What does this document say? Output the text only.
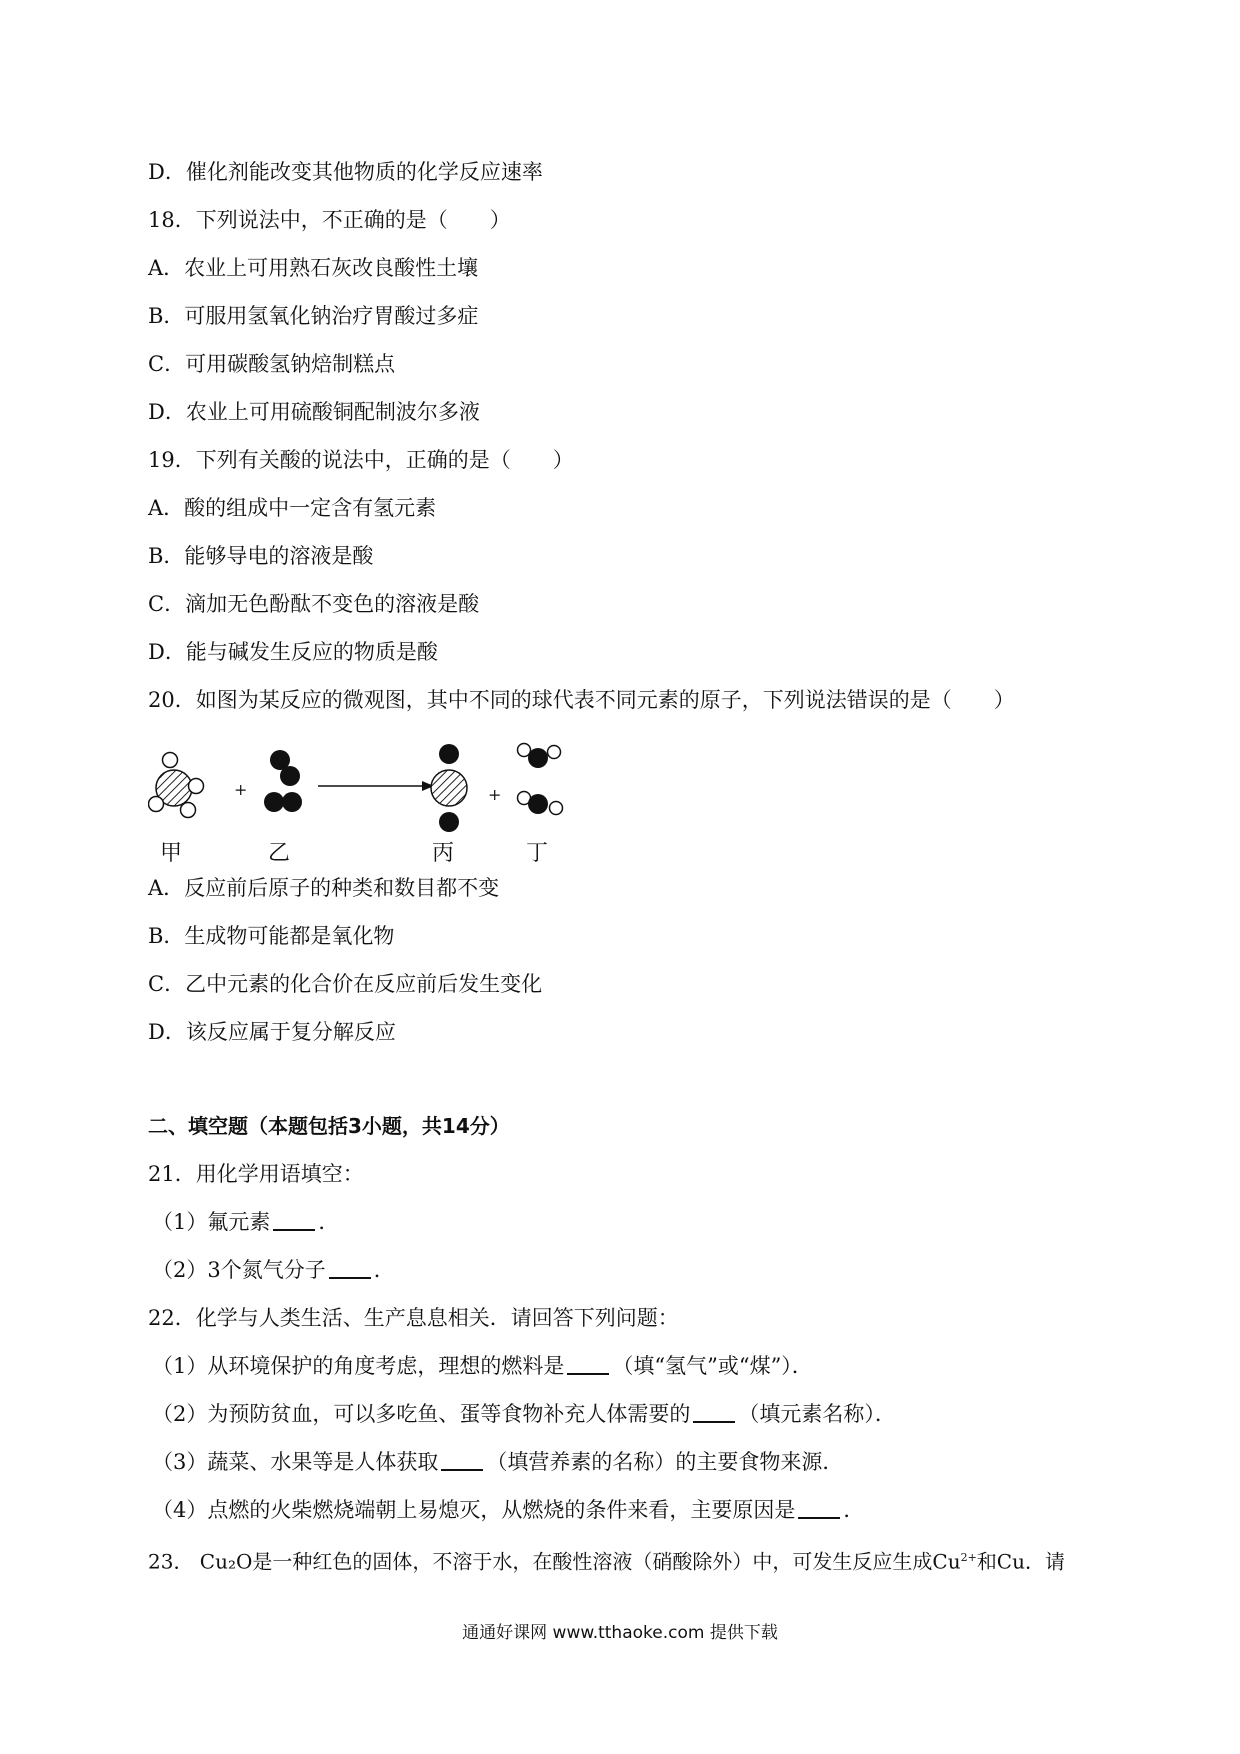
D．催化剂能改变其他物质的化学反应速率
18．下列说法中，不正确的是（　　）
A．农业上可用熟石灰改良酸性土壤
B．可服用氢氧化钠治疗胃酸过多症
C．可用碳酸氢钠焙制糕点
D．农业上可用硫酸铜配制波尔多液
19．下列有关酸的说法中，正确的是（　　）
A．酸的组成中一定含有氢元素
B．能够导电的溶液是酸
C．滴加无色酚酞不变色的溶液是酸
D．能与碱发生反应的物质是酸
20．如图为某反应的微观图，其中不同的球代表不同元素的原子，下列说法错误的是（　　）
+	+
甲	乙	丙	丁
A．反应前后原子的种类和数目都不变
B．生成物可能都是氧化物
C．乙中元素的化合价在反应前后发生变化
D．该反应属于复分解反应
二、填空题（本题包括3小题，共14分）
21．用化学用语填空：
（1）氟元素 ．
（2）3个氮气分子 ．
22．化学与人类生活、生产息息相关．请回答下列问题：
（1）从环境保护的角度考虑，理想的燃料是 （填“氢气”或“煤”）．
（2）为预防贫血，可以多吃鱼、蛋等食物补充人体需要的 （填元素名称）．
（3）蔬菜、水果等是人体获取 （填营养素的名称）的主要食物来源．
（4）点燃的火柴燃烧端朝上易熄灭，从燃烧的条件来看，主要原因是 ．
23． Cu₂O是一种红色的固体，不溶于水，在酸性溶液（硝酸除外）中，可发生反应生成$Cu^{2+}$和Cu．请
通通好课网 www.tthaoke.com 提供下载
